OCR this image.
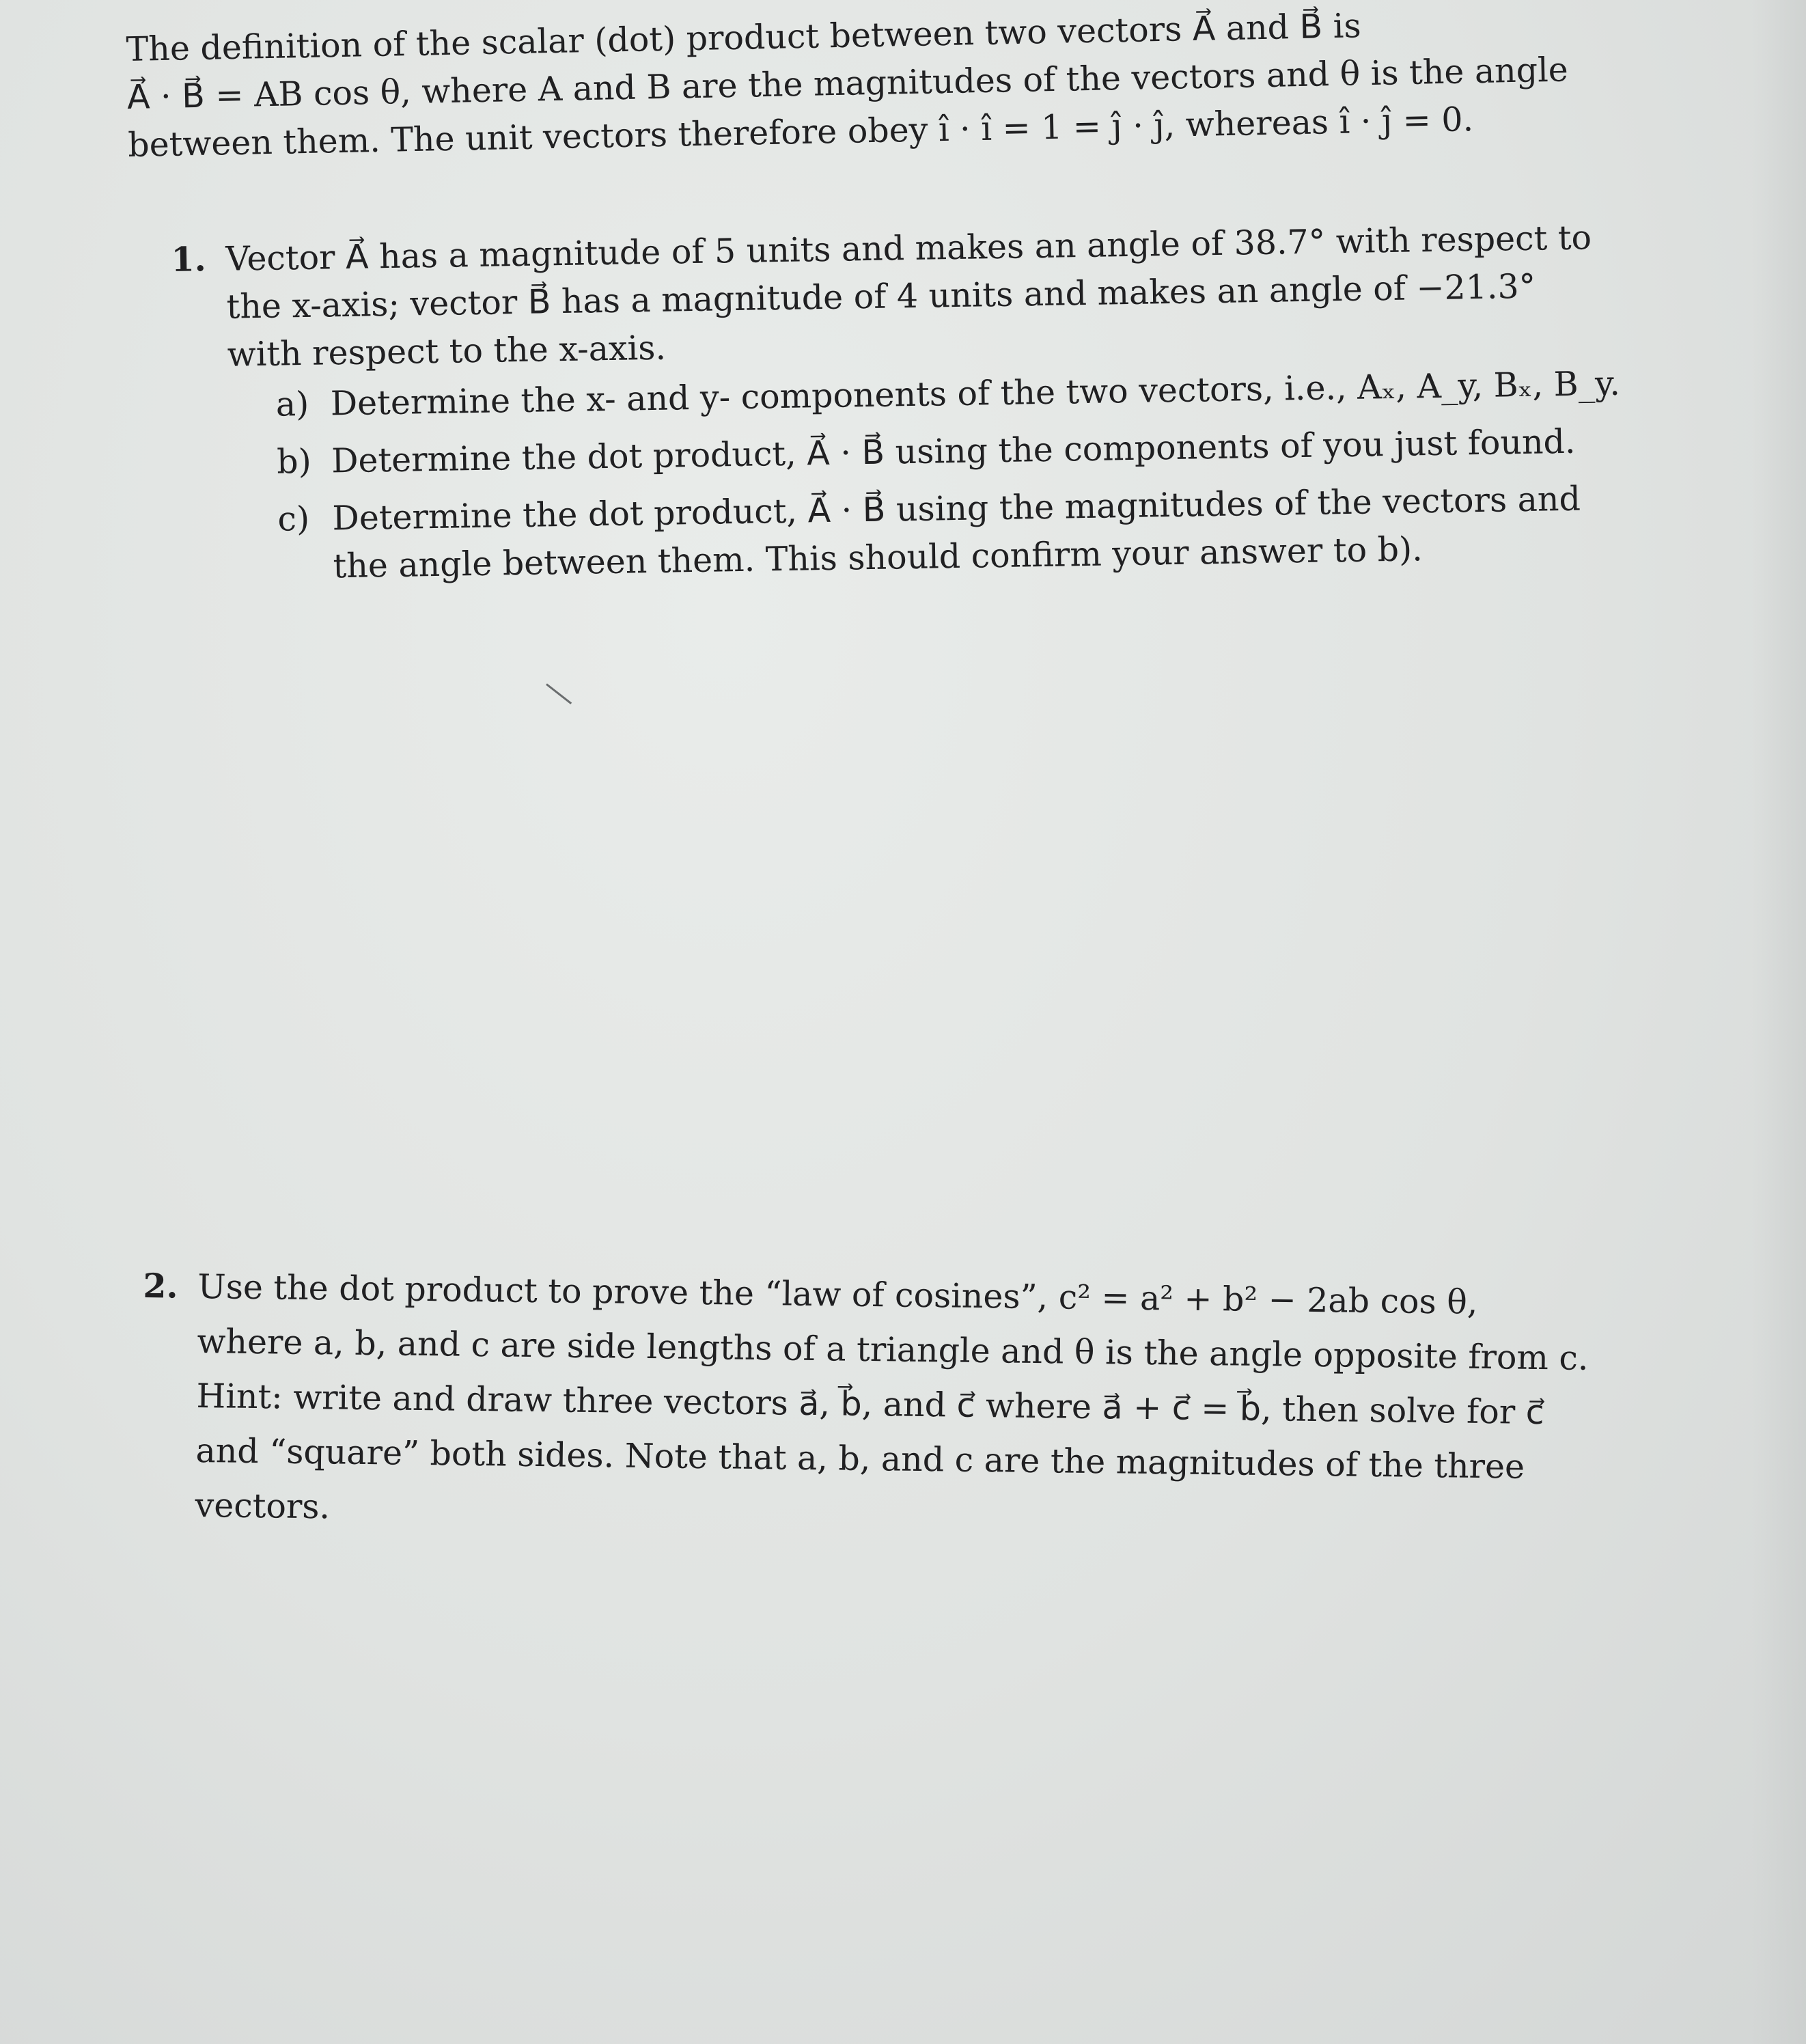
The definition of the scalar (dot) product between two vectors A⃗ and B⃗ is
A⃗ · B⃗ = AB cos θ, where A and B are the magnitudes of the vectors and θ is the angle
between them. The unit vectors therefore obey î · î = 1 = ĵ · ĵ, whereas î · ĵ = 0.
1. Vector A⃗ has a magnitude of 5 units and makes an angle of 38.7° with respect to
the x-axis; vector B⃗ has a magnitude of 4 units and makes an angle of −21.3°
with respect to the x-axis.
a) Determine the x- and y- components of the two vectors, i.e., Aₓ, A_y, Bₓ, B_y.
b) Determine the dot product, A⃗ · B⃗ using the components of you just found.
c) Determine the dot product, A⃗ · B⃗ using the magnitudes of the vectors and
the angle between them. This should confirm your answer to b).
2. Use the dot product to prove the “law of cosines”, c² = a² + b² − 2ab cos θ,
where a, b, and c are side lengths of a triangle and θ is the angle opposite from c.
Hint: write and draw three vectors a⃗, b⃗, and c⃗ where a⃗ + c⃗ = b⃗, then solve for c⃗
and “square” both sides. Note that a, b, and c are the magnitudes of the three
vectors.
